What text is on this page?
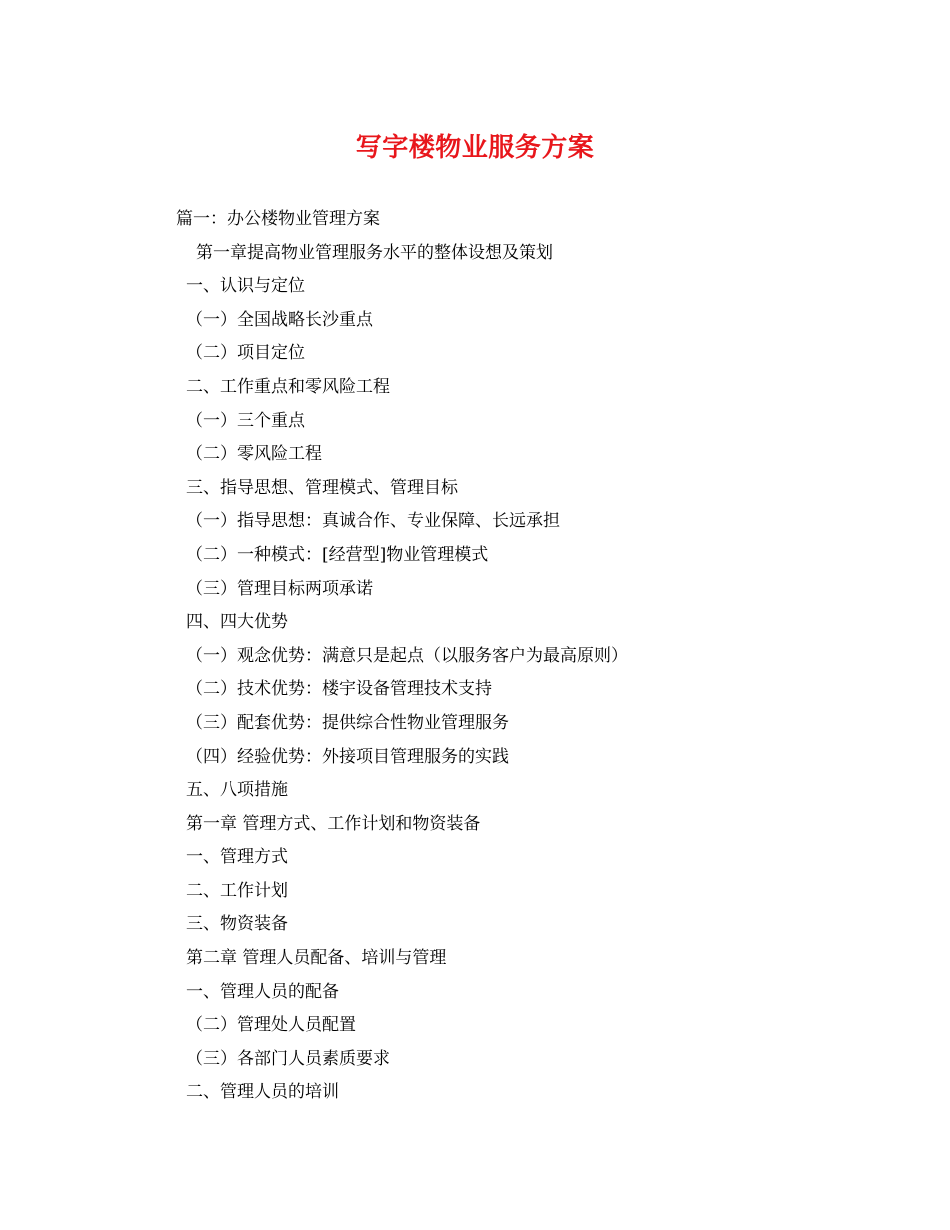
写字楼物业服务方案
篇一：办公楼物业管理方案
第一章提高物业管理服务水平的整体设想及策划
一、认识与定位
（一）全国战略长沙重点
（二）项目定位
二、工作重点和零风险工程
（一）三个重点
（二）零风险工程
三、指导思想、管理模式、管理目标
（一）指导思想：真诚合作、专业保障、长远承担
（二）一种模式：[经营型]物业管理模式
（三）管理目标两项承诺
四、四大优势
（一）观念优势：满意只是起点（以服务客户为最高原则）
（二）技术优势：楼宇设备管理技术支持
（三）配套优势：提供综合性物业管理服务
（四）经验优势：外接项目管理服务的实践
五、八项措施
第一章 管理方式、工作计划和物资装备
一、管理方式
二、工作计划
三、物资装备
第二章 管理人员配备、培训与管理
一、管理人员的配备
（二）管理处人员配置
（三）各部门人员素质要求
二、管理人员的培训
